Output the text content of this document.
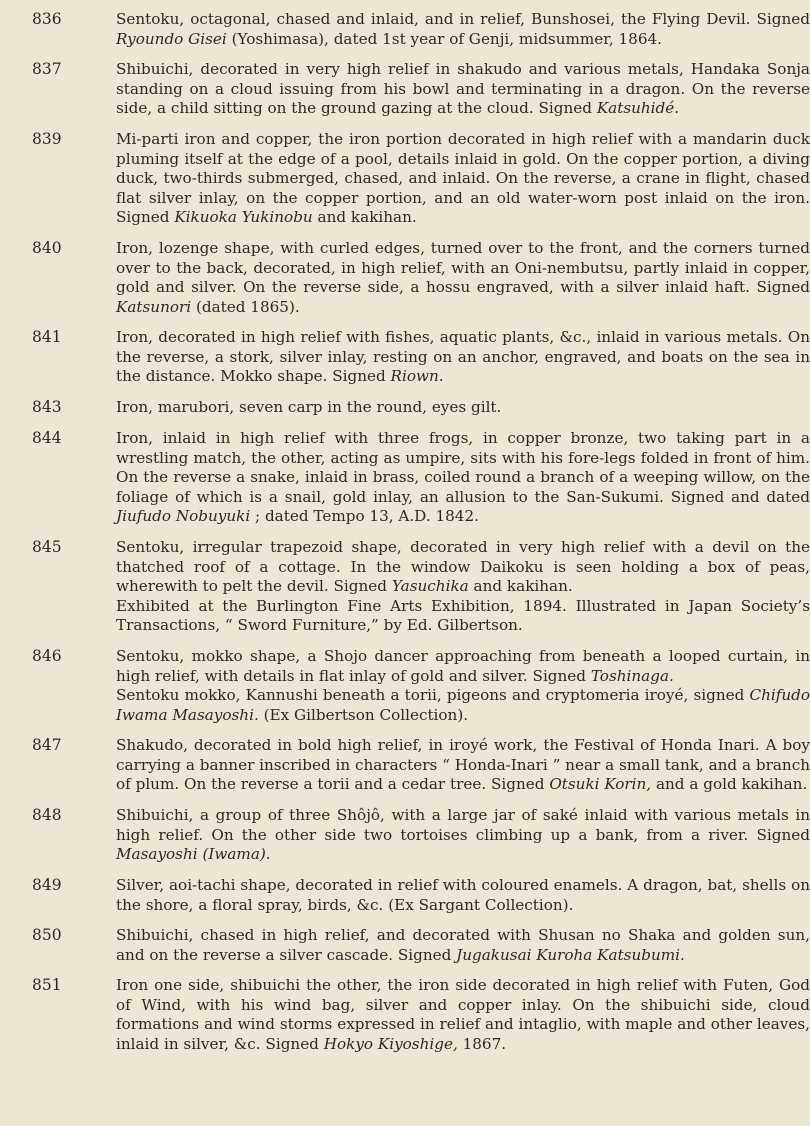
836	Sentoku, octagonal, chased and inlaid, and in relief, Bunshosei, the Flying Devil. Signed Ryoundo Gisei (Yoshimasa), dated 1st year of Genji, midsummer, 1864.

837	Shibuichi, decorated in very high relief in shakudo and various metals, Handaka Sonja standing on a cloud issuing from his bowl and terminating in a dragon. On the reverse side, a child sitting on the ground gazing at the cloud. Signed Katsuhidé.

839	Mi-parti iron and copper, the iron portion decorated in high relief with a mandarin duck pluming itself at the edge of a pool, details inlaid in gold. On the copper portion, a diving duck, two-thirds submerged, chased, and inlaid. On the reverse, a crane in flight, chased flat silver inlay, on the copper portion, and an old water-worn post inlaid on the iron. Signed Kikuoka Yukinobu and kakihan.

840	Iron, lozenge shape, with curled edges, turned over to the front, and the corners turned over to the back, decorated, in high relief, with an Oni-nembutsu, partly inlaid in copper, gold and silver. On the reverse side, a hossu engraved, with a silver inlaid haft. Signed Katsunori (dated 1865).

841	Iron, decorated in high relief with fishes, aquatic plants, &c., inlaid in various metals. On the reverse, a stork, silver inlay, resting on an anchor, engraved, and boats on the sea in the distance. Mokko shape. Signed Riown.

843	Iron, marubori, seven carp in the round, eyes gilt.

844	Iron, inlaid in high relief with three frogs, in copper bronze, two taking part in a wrestling match, the other, acting as umpire, sits with his fore-legs folded in front of him. On the reverse a snake, inlaid in brass, coiled round a branch of a weeping willow, on the foliage of which is a snail, gold inlay, an allusion to the San-Sukumi. Signed and dated Jiufudo Nobuyuki ; dated Tempo 13, A.D. 1842.

845	Sentoku, irregular trapezoid shape, decorated in very high relief with a devil on the thatched roof of a cottage. In the window Daikoku is seen holding a box of peas, wherewith to pelt the devil. Signed Yasuchika and kakihan.

Exhibited at the Burlington Fine Arts Exhibition, 1894. Illustrated in Japan Society’s Transactions, “ Sword Furniture,” by Ed. Gilbertson.

846	Sentoku, mokko shape, a Shojo dancer approaching from beneath a looped curtain, in high relief, with details in flat inlay of gold and silver. Signed Toshinaga.

Sentoku mokko, Kannushi beneath a torii, pigeons and cryptomeria iroyé, signed Chifudo Iwama Masayoshi. (Ex Gilbertson Collection).

847	Shakudo, decorated in bold high relief, in iroyé work, the Festival of Honda Inari. A boy carrying a banner inscribed in characters “ Honda-Inari ” near a small tank, and a branch of plum. On the reverse a torii and a cedar tree. Signed Otsuki Korin, and a gold kakihan.

848	Shibuichi, a group of three Shôjô, with a large jar of saké inlaid with various metals in high relief. On the other side two tortoises climbing up a bank, from a river. Signed Masayoshi (Iwama).

849	Silver, aoi-tachi shape, decorated in relief with coloured enamels. A dragon, bat, shells on the shore, a floral spray, birds, &c. (Ex Sargant Collection).

850	Shibuichi, chased in high relief, and decorated with Shusan no Shaka and golden sun, and on the reverse a silver cascade. Signed Jugakusai Kuroha Katsubumi.

851	Iron one side, shibuichi the other, the iron side decorated in high relief with Futen, God of Wind, with his wind bag, silver and copper inlay. On the shibuichi side, cloud formations and wind storms expressed in relief and intaglio, with maple and other leaves, inlaid in silver, &c. Signed Hokyo Kiyoshige, 1867.
